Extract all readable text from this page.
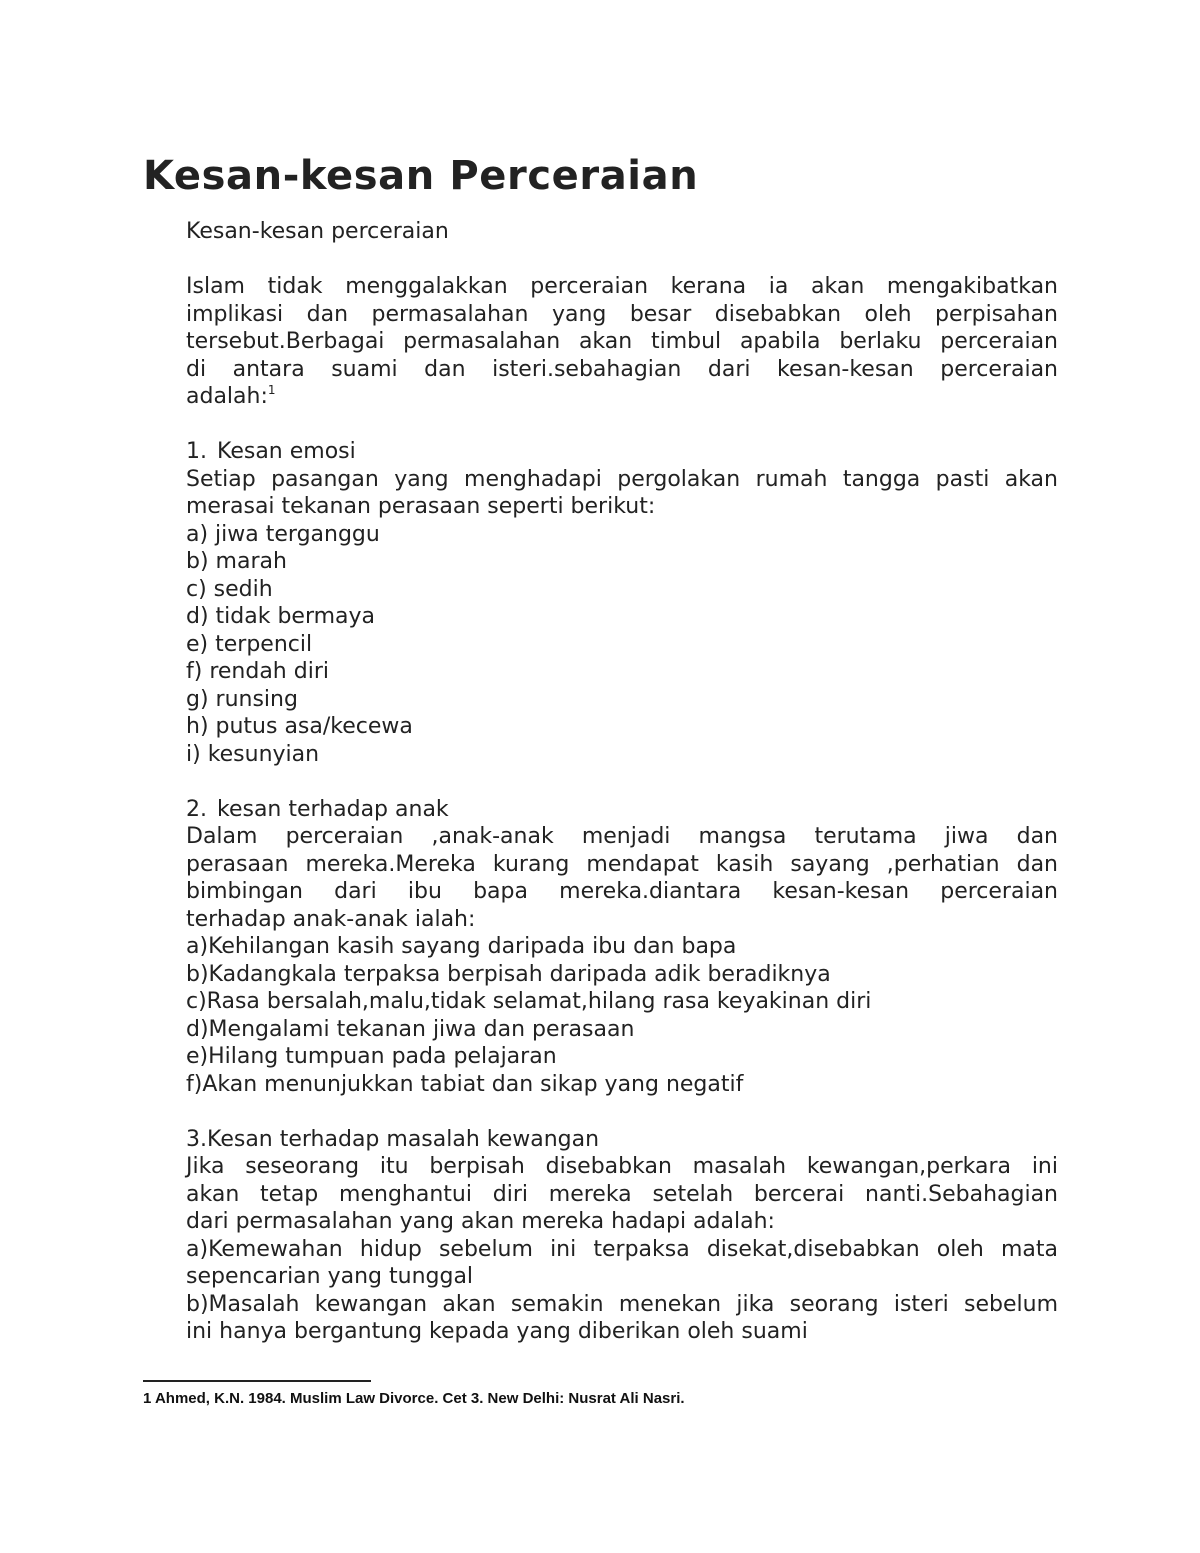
Kesan-kesan Perceraian
Kesan-kesan perceraian
Islam tidak menggalakkan perceraian kerana ia akan mengakibatkan
implikasi dan permasalahan yang besar disebabkan oleh perpisahan
tersebut.Berbagai permasalahan akan timbul apabila berlaku perceraian
di antara suami dan isteri.sebahagian dari kesan-kesan perceraian
adalah:$^1$
1. Kesan emosi
Setiap pasangan yang menghadapi pergolakan rumah tangga pasti akan
merasai tekanan perasaan seperti berikut:
a) jiwa terganggu
b) marah
c) sedih
d) tidak bermaya
e) terpencil
f) rendah diri
g) runsing
h) putus asa/kecewa
i) kesunyian
2. kesan terhadap anak
Dalam perceraian ,anak-anak menjadi mangsa terutama jiwa dan
perasaan mereka.Mereka kurang mendapat kasih sayang ,perhatian dan
bimbingan dari ibu bapa mereka.diantara kesan-kesan perceraian
terhadap anak-anak ialah:
a)Kehilangan kasih sayang daripada ibu dan bapa
b)Kadangkala terpaksa berpisah daripada adik beradiknya
c)Rasa bersalah,malu,tidak selamat,hilang rasa keyakinan diri
d)Mengalami tekanan jiwa dan perasaan
e)Hilang tumpuan pada pelajaran
f)Akan menunjukkan tabiat dan sikap yang negatif
3.Kesan terhadap masalah kewangan
Jika seseorang itu berpisah disebabkan masalah kewangan,perkara ini
akan tetap menghantui diri mereka setelah bercerai nanti.Sebahagian
dari permasalahan yang akan mereka hadapi adalah:
a)Kemewahan hidup sebelum ini terpaksa disekat,disebabkan oleh mata
sepencarian yang tunggal
b)Masalah kewangan akan semakin menekan jika seorang isteri sebelum
ini hanya bergantung kepada yang diberikan oleh suami
1 Ahmed, K.N. 1984. Muslim Law Divorce. Cet 3. New Delhi: Nusrat Ali Nasri.
